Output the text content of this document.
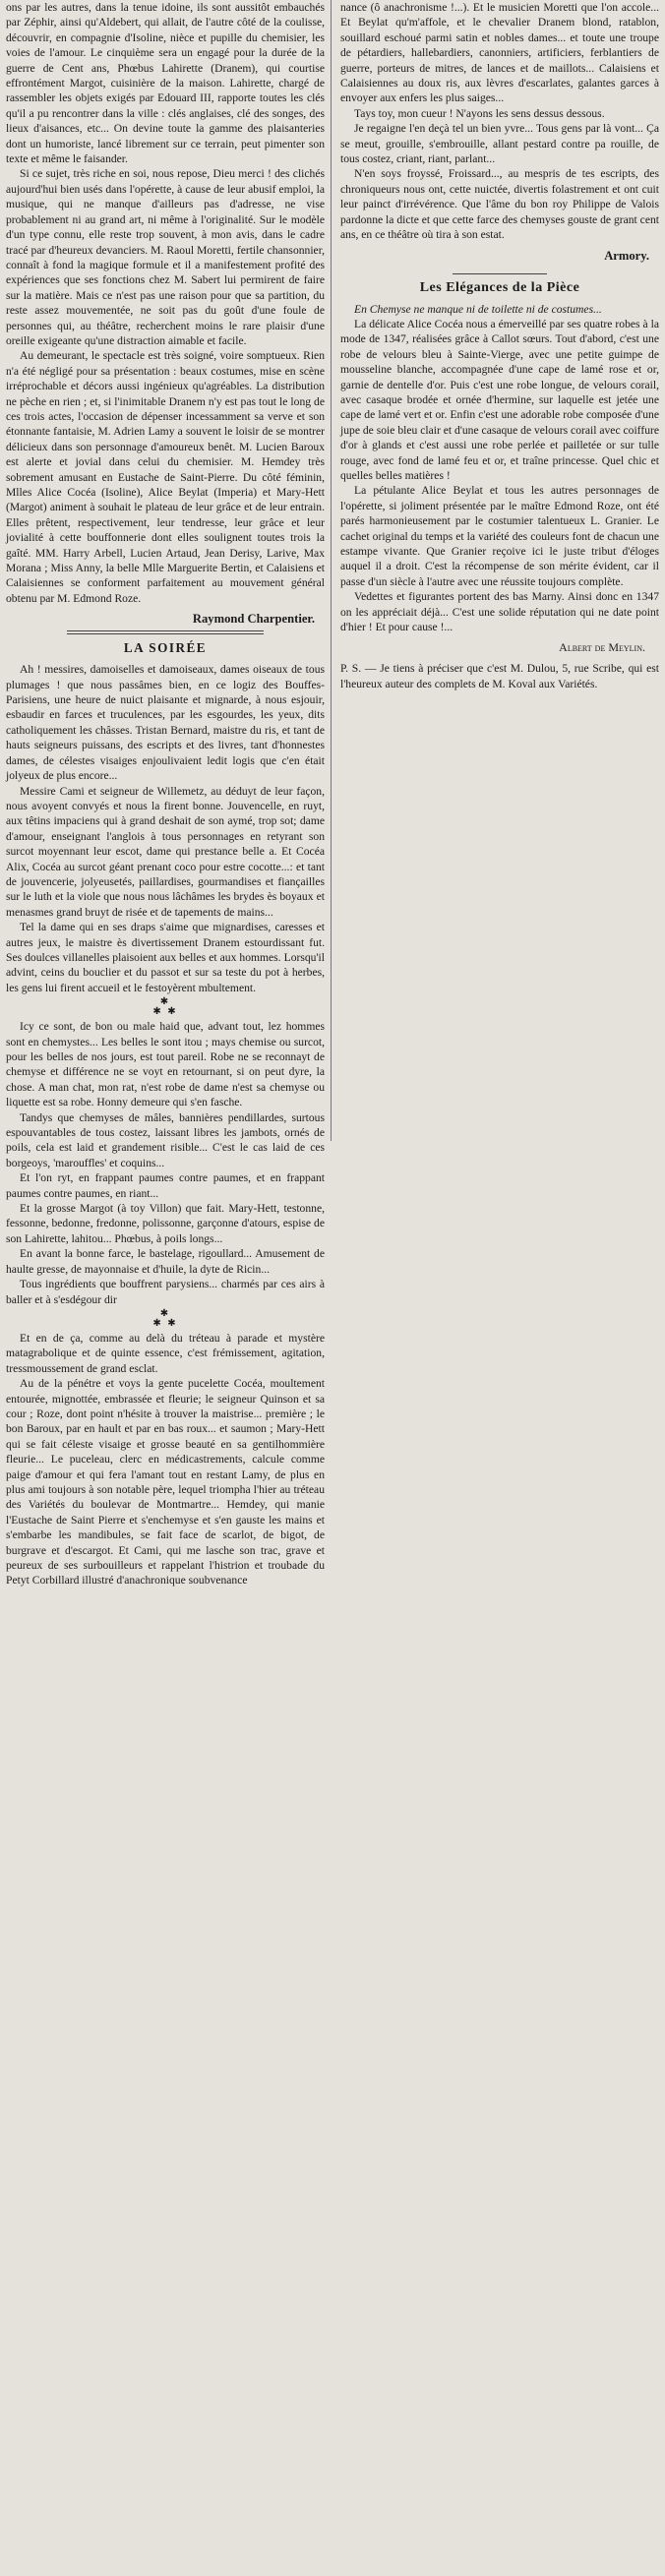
ons par les autres, dans la tenue idoine, ils sont aussitôt embauchés par Zéphir, ainsi qu'Aldebert, qui allait, de l'autre côté de la coulisse, découvrir, en compagnie d'Isoline, nièce et pupille du chemisier, les voies de l'amour. Le cinquième sera un engagé pour la durée de la guerre de Cent ans, Phœbus Lahirette (Dranem), qui courtise effrontément Margot, cuisinière de la maison. Lahirette, chargé de rassembler les objets exigés par Edouard III, rapporte toutes les clés qu'il a pu rencontrer dans la ville : clés anglaises, clé des songes, des lieux d'aisances, etc... On devine toute la gamme des plaisanteries dont un humoriste, lancé librement sur ce terrain, peut pimenter son texte et même le faisander.

Si ce sujet, très riche en soi, nous repose, Dieu merci ! des clichés aujourd'hui bien usés dans l'opérette, à cause de leur abusif emploi, la musique, qui ne manque d'ailleurs pas d'adresse, ne vise probablement ni au grand art, ni même à l'originalité. Sur le modèle d'un type connu, elle reste trop souvent, à mon avis, dans le cadre tracé par d'heureux devanciers. M. Raoul Moretti, fertile chansonnier, connaît à fond la magique formule et il a manifestement profité des expériences que ses fonctions chez M. Sabert lui permirent de faire sur la matière. Mais ce n'est pas une raison pour que sa partition, du reste assez mouvementée, ne soit pas du goût d'une foule de personnes qui, au théâtre, recherchent moins le rare plaisir d'une oreille exigeante qu'une distraction aimable et facile.

Au demeurant, le spectacle est très soigné, voire somptueux. Rien n'a été négligé pour sa présentation : beaux costumes, mise en scène irréprochable et décors aussi ingénieux qu'agréables. La distribution ne pèche en rien ; et, si l'inimitable Dranem n'y est pas tout le long de ces trois actes, l'occasion de dépenser incessamment sa verve et son étonnante fantaisie, M. Adrien Lamy a souvent le loisir de se montrer délicieux dans son personnage d'amoureux benêt. M. Lucien Baroux est alerte et jovial dans celui du chemisier. M. Hemdey très sobrement amusant en Eustache de Saint-Pierre. Du côté féminin, Mlles Alice Cocéa (Isoline), Alice Beylat (Imperia) et Mary-Hett (Margot) animent à souhait le plateau de leur grâce et de leur entrain. Elles prêtent, respectivement, leur tendresse, leur grâce et leur jovialité à cette bouffonnerie dont elles soulignent toutes trois la gaîté. MM. Harry Arbell, Lucien Artaud, Jean Derisy, Larive, Max Morana ; Miss Anny, la belle Mlle Marguerite Bertin, et Calaisiens et Calaisiennes se conforment parfaitement au mouvement général obtenu par M. Edmond Roze.

Raymond Charpentier.
LA SOIRÉE

Ah ! messires, damoiselles et damoiseaux, dames oiseaux de tous plumages ! que nous passâmes bien, en ce logiz des Bouffes-Parisiens, une heure de nuict plaisante et mignarde, à nous esjouir, esbaudir en farces et truculences, par les esgourdes, les yeux, dits catholiquement les châsses. Tristan Bernard, maistre du ris, et tant de hauts seigneurs puissans, des escripts et des livres, tant d'honnestes dames, de célestes visaiges enjoulivaient ledit logis que c'en était jolyeux de plus encore...

Messire Cami et seigneur de Willemetz, au déduyt de leur façon, nous avoyent convyés et nous la firent bonne. Jouvencelle, en ruyt, aux têtins impaciens qui à grand deshait de son aymé, trop sot; dame d'amour, enseignant l'anglois à tous personnages en retyrant son surcot moyennant leur escot, dame qui prestance belle a. Et Cocéa Alix, Cocéa au surcot géant prenant coco pour estre cocotte...: et tant de jouvencerie, jolyeusetés, paillardises, gourmandises et fiançailles sur le luth et la viole que nous nous lâchâmes les brydes ès boyaux et menasmes grand bruyt de risée et de tapements de mains...

Tel la dame qui en ses draps s'aime que mignardises, caresses et autres jeux, le maistre ès divertissement Dranem estourdissant fut. Ses doulces villanelles plaisoient aux belles et aux hommes. Lorsqu'il advint, ceins du bouclier et du passot et sur sa teste du pot à herbes, les gens lui firent accueil et le festoyèrent mbultement.

✱
✱ ✱

Icy ce sont, de bon ou male haid que, advant tout, lez hommes sont en chemystes... Les belles le sont itou ; mays chemise ou surcot, pour les belles de nos jours, est tout pareil. Robe ne se reconnayt de chemyse et différence ne se voyt en retournant, si on peut dyre, la chose. A man chat, mon rat, n'est robe de dame n'est sa chemyse ou liquette est sa robe. Honny demeure qui s'en fasche.

Tandys que chemyses de mâles, bannières pendillardes, surtous espouvantables de tous costez, laissant libres les jambots, ornés de poils, cela est laid et grandement risible... C'est le cas laid de ces borgeoys, 'marouffles' et coquins...

Et l'on ryt, en frappant paumes contre paumes, et en frappant paumes contre paumes, en riant...

Et la grosse Margot (à toy Villon) que fait. Mary-Hett, testonne, fessonne, bedonne, fredonne, polissonne, garçonne d'atours, espise de son Lahirette, lahitou... Phœbus, à poils longs...

En avant la bonne farce, le bastelage, rigoullard... Amusement de haulte gresse, de mayonnaise et d'huile, la dyte de Ricin...

Tous ingrédients que bouffrent parysiens... charmés par ces airs à baller et à s'esdégour dir

✱
✱ ✱

Et en de ça, comme au delà du tréteau à parade et mystère matagrabolique et de quinte essence, c'est frémissement, agitation, tressmoussement de grand esclat.

Au de la pénétre et voys la gente pucelette Cocéa, moultement entourée, mignottée, embrassée et fleurie; le seigneur Quinson et sa cour ; Roze, dont point n'hésite à trouver la maistrise... première ; le bon Baroux, par en hault et par en bas roux... et saumon ; Mary-Hett qui se fait céleste visaige et grosse beauté en sa gentilhommière fleurie... Le puceleau, clerc en médicastrements, calcule comme paige d'amour et qui fera l'amant tout en restant Lamy, de plus en plus ami toujours à son notable père, lequel triompha l'hier au tréteau des Variétés du boulevar de Montmartre... Hemdey, qui manie l'Eustache de Saint Pierre et s'enchemyse et s'en gauste les mains et s'embarbe les mandibules, se fait face de scarlot, de bigot, de burgrave et d'escargot. Et Cami, qui me lasche son trac, grave et peureux de ses surbouilleurs et rappelant l'histrion et troubade du Petyt Corbillard illustré d'anachronique soubvenance

nance (ô anachronisme !...). Et le musicien Moretti que l'on accole... Et Beylat qu'm'affole, et le chevalier Dranem blond, ratablon, souillard eschoué parmi satin et nobles dames... et toute une troupe de pétardiers, hallebardiers, canonniers, artificiers, ferblantiers de guerre, porteurs de mitres, de lances et de maillots... Calaisiens et Calaisiennes au doux ris, aux lèvres d'escarlates, galantes garces à envoyer aux enfers les plus saiges...

Tays toy, mon cueur ! N'ayons les sens dessus dessous.

Je regaigne l'en deçà tel un bien yvre... Tous gens par là vont... Ça se meut, grouille, s'embrouille, allant pestard contre pa rouille, de tous costez, criant, riant, parlant...

N'en soys froyssé, Froissard..., au mespris de tes escripts, des chroniqueurs nous ont, cette nuictée, divertis folastrement et ont cuit leur painct d'irrévérence. Que l'âme du bon roy Philippe de Valois pardonne la dicte et que cette farce des chemyses gouste de grant cent ans, en ce théâtre où tira à son estat.

Armory.
Les Elégances de la Pièce

En Chemyse ne manque ni de toilette ni de costumes...

La délicate Alice Cocéa nous a émerveillé par ses quatre robes à la mode de 1347, réalisées grâce à Callot sœurs. Tout d'abord, c'est une robe de velours bleu à Sainte-Vierge, avec une petite guimpe de mousseline blanche, accompagnée d'une cape de lamé rose et or, garnie de dentelle d'or. Puis c'est une robe longue, de velours corail, avec casaque brodée et ornée d'hermine, sur laquelle est jetée une cape de lamé vert et or. Enfin c'est une adorable robe composée d'une jupe de soie bleu clair et d'une casaque de velours corail avec coiffure d'or à glands et c'est aussi une robe perlée et pailletée or sur tulle rouge, avec fond de lamé feu et or, et traîne princesse. Quel chic et quelles belles matières !

La pétulante Alice Beylat et tous les autres personnages de l'opérette, si joliment présentée par le maître Edmond Roze, ont été parés harmonieusement par le costumier talentueux L. Granier. Le cachet original du temps et la variété des couleurs font de chacun une estampe vivante. Que Granier reçoive ici le juste tribut d'éloges auquel il a droit. C'est la récompense de son mérite évident, car il passe d'un siècle à l'autre avec une réussite toujours complète.

Vedettes et figurantes portent des bas Marny. Ainsi donc en 1347 on les appréciait déjà... C'est une solide réputation qui ne date point d'hier ! Et pour cause !...

Albert de Meylin.
P. S. — Je tiens à préciser que c'est M. Dulou, 5, rue Scribe, qui est l'heureux auteur des complets de M. Koval aux Variétés.
